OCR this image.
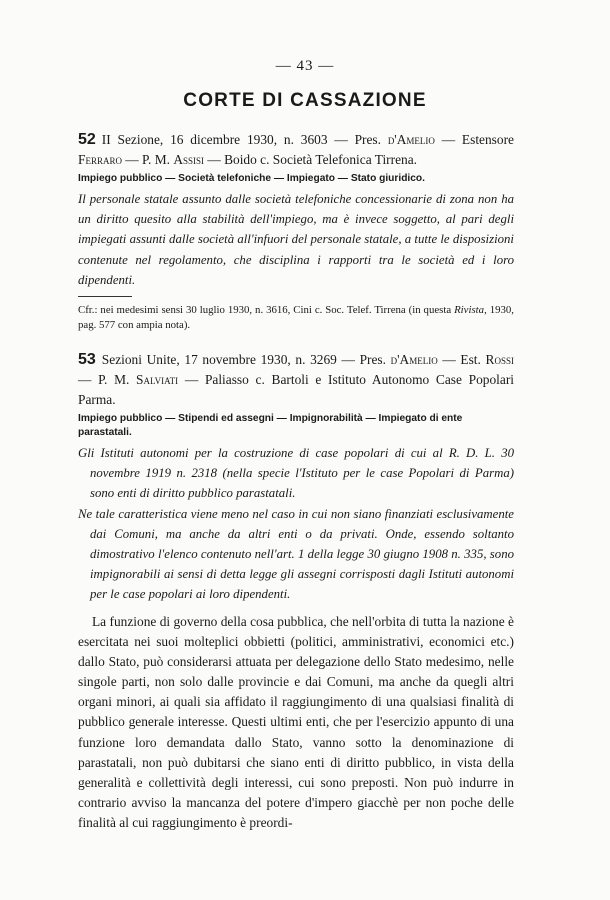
— 43 —
CORTE DI CASSAZIONE
52 II Sezione, 16 dicembre 1930, n. 3603 — Pres. d'Amelio — Estensore Ferraro — P. M. Assisi — Boido c. Società Telefonica Tirrena.
Impiego pubblico — Società telefoniche — Impiegato — Stato giuridico.
Il personale statale assunto dalle società telefoniche concessionarie di zona non ha un diritto quesito alla stabilità dell'impiego, ma è invece soggetto, al pari degli impiegati assunti dalle società all'infuori del personale statale, a tutte le disposizioni contenute nel regolamento, che disciplina i rapporti tra le società ed i loro dipendenti.
Cfr.: nei medesimi sensi 30 luglio 1930, n. 3616, Cini c. Soc. Telef. Tirrena (in questa Rivista, 1930, pag. 577 con ampia nota).
53 Sezioni Unite, 17 novembre 1930, n. 3269 — Pres. d'Amelio — Est. Rossi — P. M. Salviati — Paliasso c. Bartoli e Istituto Autonomo Case Popolari Parma.
Impiego pubblico — Stipendi ed assegni — Impignorabilità — Impiegato di ente parastatali.
Gli Istituti autonomi per la costruzione di case popolari di cui al R. D. L. 30 novembre 1919 n. 2318 (nella specie l'Istituto per le case Popolari di Parma) sono enti di diritto pubblico parastatali.
Ne tale caratteristica viene meno nel caso in cui non siano finanziati esclusivamente dai Comuni, ma anche da altri enti o da privati. Onde, essendo soltanto dimostrativo l'elenco contenuto nell'art. 1 della legge 30 giugno 1908 n. 335, sono impignorabili ai sensi di detta legge gli assegni corrisposti dagli Istituti autonomi per le case popolari ai loro dipendenti.
La funzione di governo della cosa pubblica, che nell'orbita di tutta la nazione è esercitata nei suoi molteplici obbietti (politici, amministrativi, economici etc.) dallo Stato, può considerarsi attuata per delegazione dello Stato medesimo, nelle singole parti, non solo dalle provincie e dai Comuni, ma anche da quegli altri organi minori, ai quali sia affidato il raggiungimento di una qualsiasi finalità di pubblico generale interesse. Questi ultimi enti, che per l'esercizio appunto di una funzione loro demandata dallo Stato, vanno sotto la denominazione di parastatali, non può dubitarsi che siano enti di diritto pubblico, in vista della generalità e collettività degli interessi, cui sono preposti. Non può indurre in contrario avviso la mancanza del potere d'impero giacchè per non poche delle finalità al cui raggiungimento è preordi-
